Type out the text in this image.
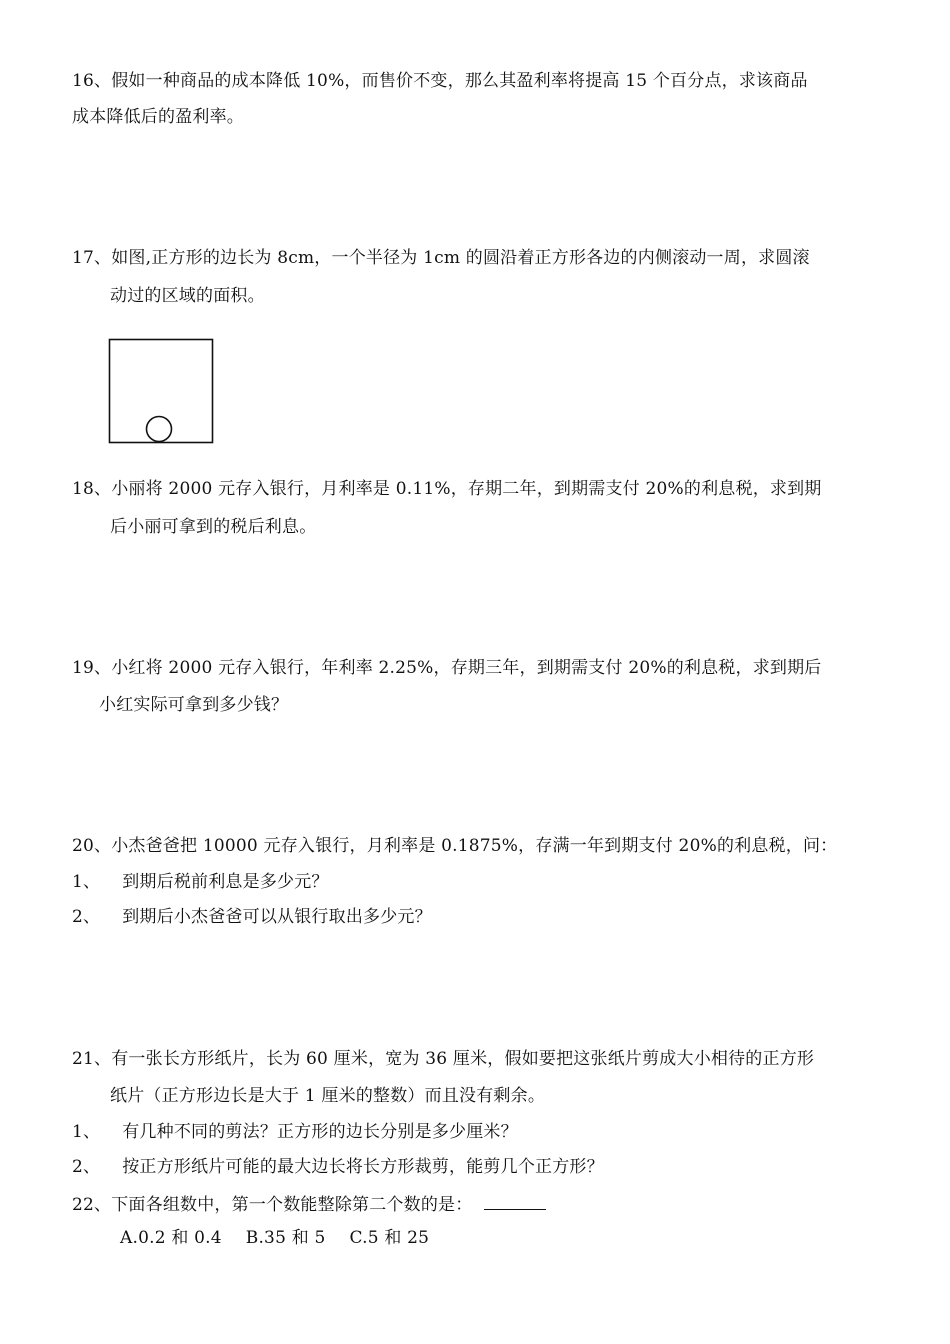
16、假如一种商品的成本降低 10%，而售价不变，那么其盈利率将提高 15 个百分点，求该商品
成本降低后的盈利率。
17、如图,正方形的边长为 8cm，一个半径为 1cm 的圆沿着正方形各边的内侧滚动一周，求圆滚
动过的区域的面积。
18、小丽将 2000 元存入银行，月利率是 0.11%，存期二年，到期需支付 20%的利息税，求到期
后小丽可拿到的税后利息。
19、小红将 2000 元存入银行，年利率 2.25%，存期三年，到期需支付 20%的利息税，求到期后
小红实际可拿到多少钱？
20、小杰爸爸把 10000 元存入银行，月利率是 0.1875%，存满一年到期支付 20%的利息税，问：
1、 到期后税前利息是多少元？
2、 到期后小杰爸爸可以从银行取出多少元？
21、有一张长方形纸片，长为 60 厘米，宽为 36 厘米，假如要把这张纸片剪成大小相待的正方形
纸片（正方形边长是大于 1 厘米的整数）而且没有剩余。
1、 有几种不同的剪法？正方形的边长分别是多少厘米？
2、 按正方形纸片可能的最大边长将长方形裁剪，能剪几个正方形？
22、下面各组数中，第一个数能整除第二个数的是：
A.0.2 和 0.4 B.35 和 5 C.5 和 25
